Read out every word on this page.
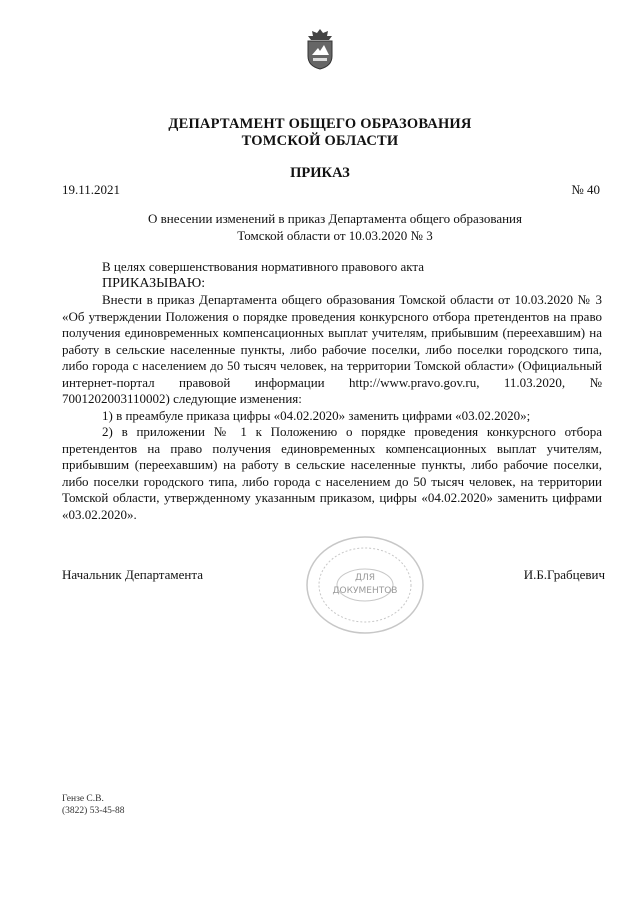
ДЕПАРТАМЕНТ ОБЩЕГО ОБРАЗОВАНИЯ
ТОМСКОЙ ОБЛАСТИ
ПРИКАЗ
19.11.2021	№ 40
О внесении изменений в приказ Департамента общего образования
Томской области от 10.03.2020 № 3

В целях совершенствования нормативного правового акта

ПРИКАЗЫВАЮ:

Внести в приказ Департамента общего образования Томской области от 10.03.2020 № 3 «Об утверждении Положения о порядке проведения конкурсного отбора претендентов на право получения единовременных компенсационных выплат учителям, прибывшим (переехавшим) на работу в сельские населенные пункты, либо рабочие поселки, либо поселки городского типа, либо города с населением до 50 тысяч человек, на территории Томской области» (Официальный интернет-портал правовой информации http://www.pravo.gov.ru, 11.03.2020, № 7001202003110002) следующие изменения:

1) в преамбуле приказа цифры «04.02.2020» заменить цифрами «03.02.2020»;

2) в приложении № 1 к Положению о порядке проведения конкурсного отбора претендентов на право получения единовременных компенсационных выплат учителям, прибывшим (переехавшим) на работу в сельские населенные пункты, либо рабочие поселки, либо поселки городского типа, либо города с населением до 50 тысяч человек, на территории Томской области, утвержденному указанным приказом, цифры «04.02.2020» заменить цифрами «03.02.2020».

Начальник Департамента	И.Б.Грабцевич
ДЛЯ
ДОКУМЕНТОВ
Гензе С.В.
(3822) 53-45-88
